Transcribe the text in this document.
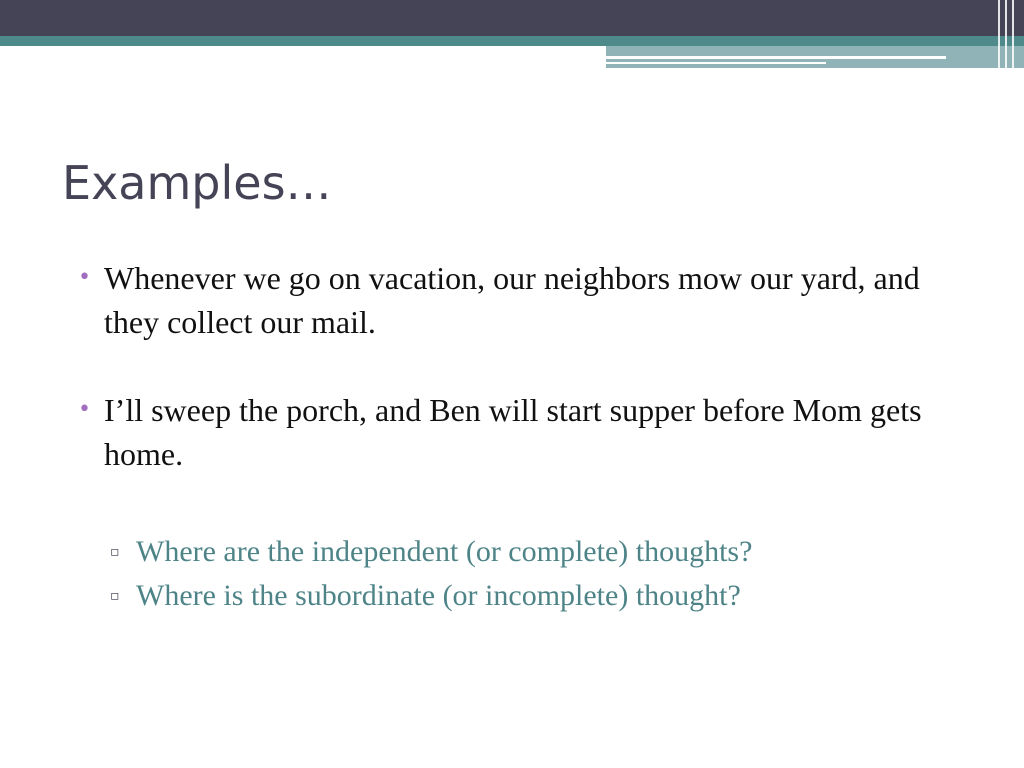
Examples…
• Whenever we go on vacation, our neighbors mow our yard, and they collect our mail.
• I’ll sweep the porch, and Ben will start supper before Mom gets home.
▫ Where are the independent (or complete) thoughts?
▫ Where is the subordinate (or incomplete) thought?
